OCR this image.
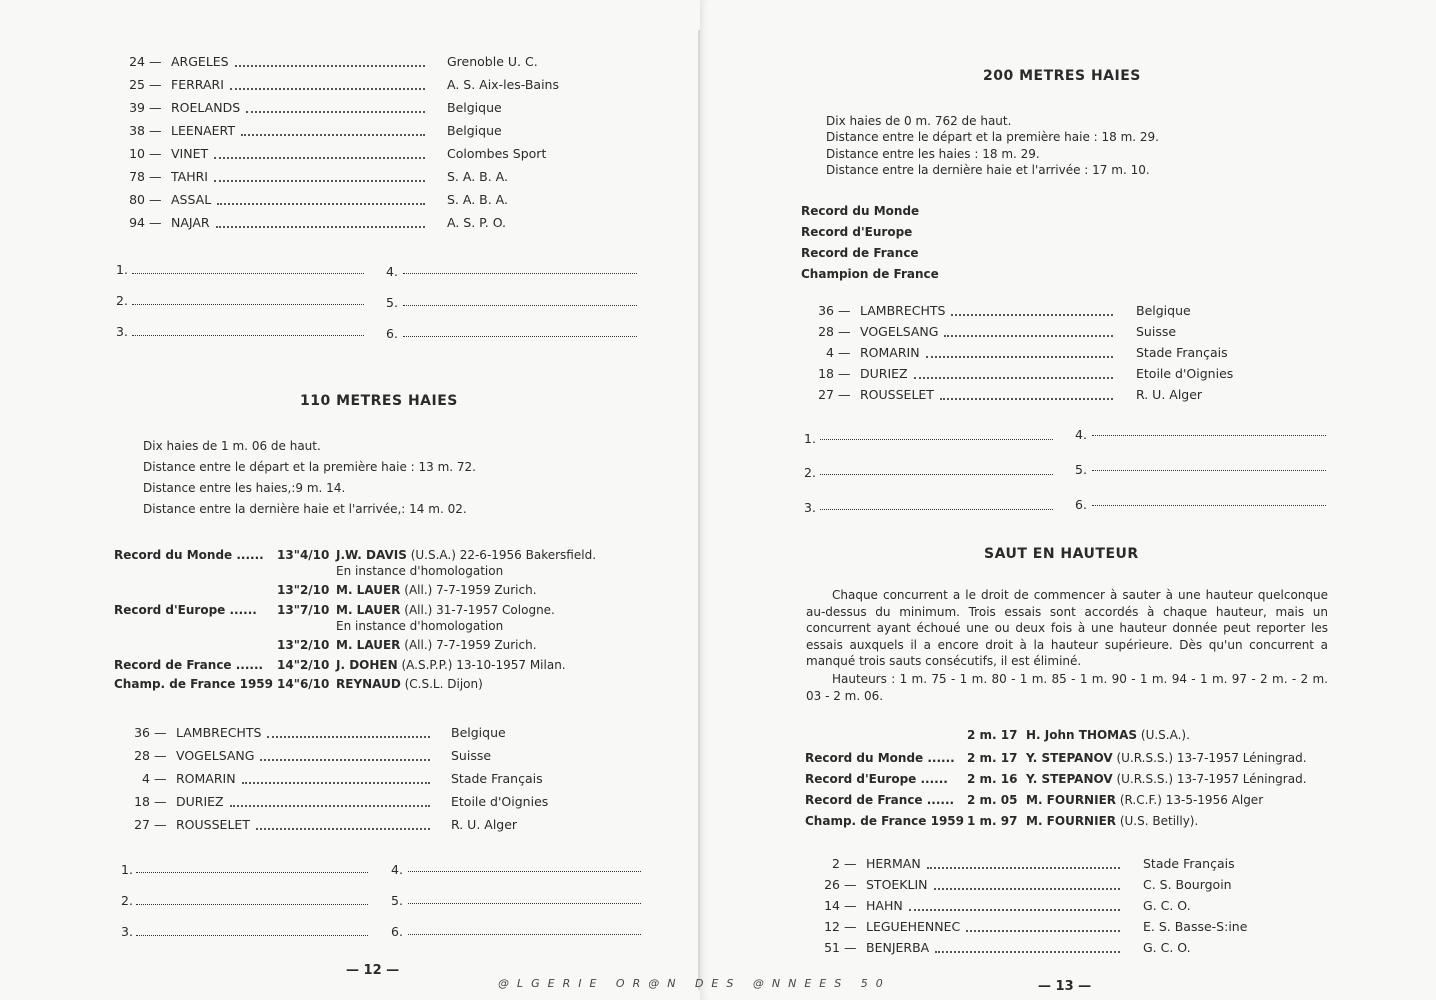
24 — ARGELES	Grenoble U. C.
25 — FERRARI	A. S. Aix-les-Bains
39 — ROELANDS	Belgique
38 — LEENAERT	Belgique
10 — VINET	Colombes Sport
78 — TAHRI	S. A. B. A.
80 — ASSAL	S. A. B. A.
94 — NAJAR	A. S. P. O.
1.
2.
3.
4.
5.
6.
110 METRES HAIES
Dix haies de 1 m. 06 de haut.
Distance entre le départ et la première haie : 13 m. 72.
Distance entre les haies,:9 m. 14.
Distance entre la dernière haie et l'arrivée,: 14 m. 02.
Record du Monde ...... 13"4/10 J.W. DAVIS (U.S.A.) 22-6-1956 Bakersfield.
En instance d'homologation
13"2/10 M. LAUER (All.) 7-7-1959 Zurich.
Record d'Europe ...... 13"7/10 M. LAUER (All.) 31-7-1957 Cologne.
En instance d'homologation
13"2/10 M. LAUER (All.) 7-7-1959 Zurich.
Record de France ...... 14"2/10 J. DOHEN (A.S.P.P.) 13-10-1957 Milan.
Champ. de France 1959 14"6/10 REYNAUD (C.S.L. Dijon)
36 — LAMBRECHTS	Belgique
28 — VOGELSANG	Suisse
4 — ROMARIN	Stade Français
18 — DURIEZ	Etoile d'Oignies
27 — ROUSSELET	R. U. Alger
1.
2.
3.
4.
5.
6.
— 12 —
200 METRES HAIES
Dix haies de 0 m. 762 de haut.
Distance entre le départ et la première haie : 18 m. 29.
Distance entre les haies : 18 m. 29.
Distance entre la dernière haie et l'arrivée : 17 m. 10.
Record du Monde
Record d'Europe
Record de France
Champion de France
36 — LAMBRECHTS	Belgique
28 — VOGELSANG	Suisse
4 — ROMARIN	Stade Français
18 — DURIEZ	Etoile d'Oignies
27 — ROUSSELET	R. U. Alger
1.
2.
3.
4.
5.
6.
SAUT EN HAUTEUR
Chaque concurrent a le droit de commencer à sauter à une hauteur quelconque au-dessus du minimum. Trois essais sont accordés à chaque hauteur, mais un concurrent ayant échoué une ou deux fois à une hauteur donnée peut reporter les essais auxquels il a encore droit à la hauteur supérieure. Dès qu'un concurrent a manqué trois sauts consécutifs, il est éliminé.
Hauteurs : 1 m. 75 - 1 m. 80 - 1 m. 85 - 1 m. 90 - 1 m. 94 - 1 m. 97 - 2 m. - 2 m. 03 - 2 m. 06.
2 m. 17 H. John THOMAS (U.S.A.).
Record du Monde ...... 2 m. 17 Y. STEPANOV (U.R.S.S.) 13-7-1957 Léningrad.
Record d'Europe ...... 2 m. 16 Y. STEPANOV (U.R.S.S.) 13-7-1957 Léningrad.
Record de France ...... 2 m. 05 M. FOURNIER (R.C.F.) 13-5-1956 Alger
Champ. de France 1959 1 m. 97 M. FOURNIER (U.S. Betilly).
2 — HERMAN	Stade Français
26 — STOEKLIN	C. S. Bourgoin
14 — HAHN	G. C. O.
12 — LEGUEHENNEC	E. S. Basse-S:ine
51 — BENJERBA	G. C. O.
— 13 —
@LGERIE OR@N DES @NNEES 50
